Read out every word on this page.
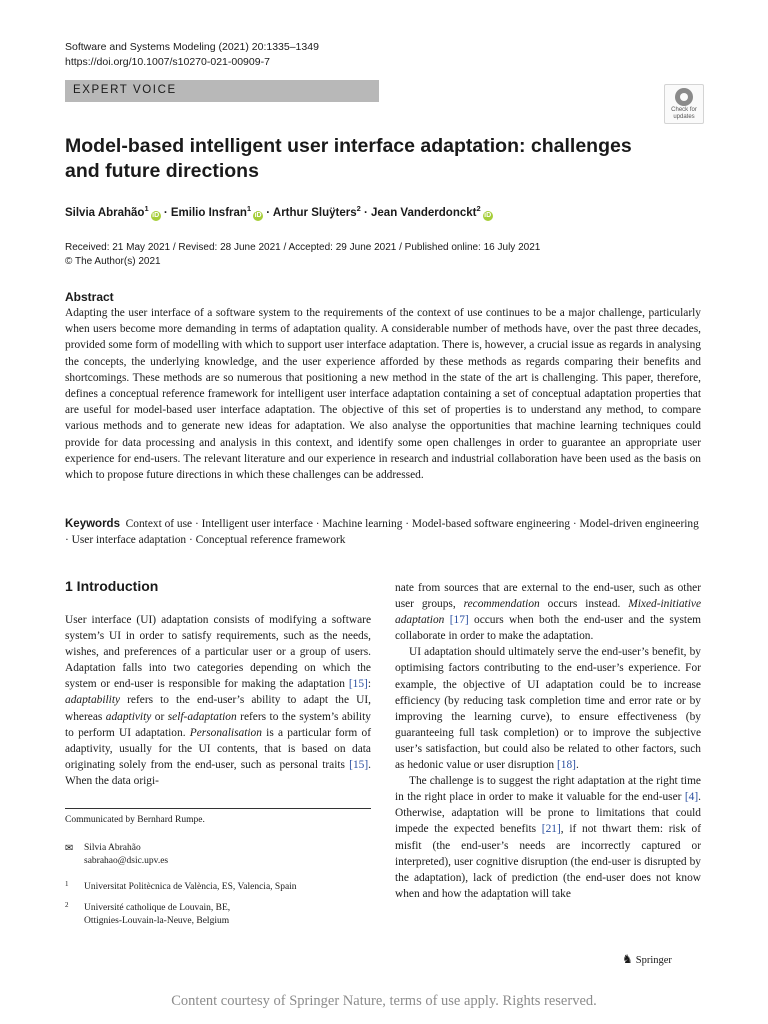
Software and Systems Modeling (2021) 20:1335–1349
https://doi.org/10.1007/s10270-021-00909-7
EXPERT VOICE
Check for
updates
Model-based intelligent user interface adaptation: challenges and future directions
Silvia Abrahão$^1$iD · Emilio Insfran$^1$iD · Arthur Sluÿters$^2$ · Jean Vanderdonckt$^2$iD
Received: 21 May 2021 / Revised: 28 June 2021 / Accepted: 29 June 2021 / Published online: 16 July 2021
© The Author(s) 2021
Abstract

Adapting the user interface of a software system to the requirements of the context of use continues to be a major challenge, particularly when users become more demanding in terms of adaptation quality. A considerable number of methods have, over the past three decades, provided some form of modelling with which to support user interface adaptation. There is, however, a crucial issue as regards in analysing the concepts, the underlying knowledge, and the user experience afforded by these methods as regards comparing their benefits and shortcomings. These methods are so numerous that positioning a new method in the state of the art is challenging. This paper, therefore, defines a conceptual reference framework for intelligent user interface adaptation containing a set of conceptual adaptation properties that are useful for model-based user interface adaptation. The objective of this set of properties is to understand any method, to compare various methods and to generate new ideas for adaptation. We also analyse the opportunities that machine learning techniques could provide for data processing and analysis in this context, and identify some open challenges in order to guarantee an appropriate user experience for end-users. The relevant literature and our experience in research and industrial collaboration have been used as the basis on which to propose future directions in which these challenges can be addressed.

Keywords Context of use · Intelligent user interface · Machine learning · Model-based software engineering · Model-driven engineering · User interface adaptation · Conceptual reference framework

1 Introduction

User interface (UI) adaptation consists of modifying a software system’s UI in order to satisfy requirements, such as the needs, wishes, and preferences of a particular user or a group of users. Adaptation falls into two categories depending on which the system or end-user is responsible for making the adaptation [15]: adaptability refers to the end-user’s ability to adapt the UI, whereas adaptivity or self-adaptation refers to the system’s ability to perform UI adaptation. Personalisation is a particular form of adaptivity, usually for the UI contents, that is based on data originating solely from the end-user, such as personal traits [15]. When the data origi-

nate from sources that are external to the end-user, such as other user groups, recommendation occurs instead. Mixed-initiative adaptation [17] occurs when both the end-user and the system collaborate in order to make the adaptation.

UI adaptation should ultimately serve the end-user’s benefit, by optimising factors contributing to the end-user’s experience. For example, the objective of UI adaptation could be to increase efficiency (by reducing task completion time and error rate or by improving the learning curve), to ensure effectiveness (by guaranteeing full task completion) or to improve the subjective user’s satisfaction, but could also be related to other factors, such as hedonic value or user disruption [18].

The challenge is to suggest the right adaptation at the right time in the right place in order to make it valuable for the end-user [4]. Otherwise, adaptation will be prone to limitations that could impede the expected benefits [21], if not thwart them: risk of misfit (the end-user’s needs are incorrectly captured or interpreted), user cognitive disruption (the end-user is disrupted by the adaptation), lack of prediction (the end-user does not know when and how the adaptation will take

Communicated by Bernhard Rumpe.
✉ Silvia Abrahão
sabrahao@dsic.upv.es
1 Universitat Politècnica de València, ES, Valencia, Spain
2 Université catholique de Louvain, BE,
Ottignies-Louvain-la-Neuve, Belgium
♞ Springer
Content courtesy of Springer Nature, terms of use apply. Rights reserved.
